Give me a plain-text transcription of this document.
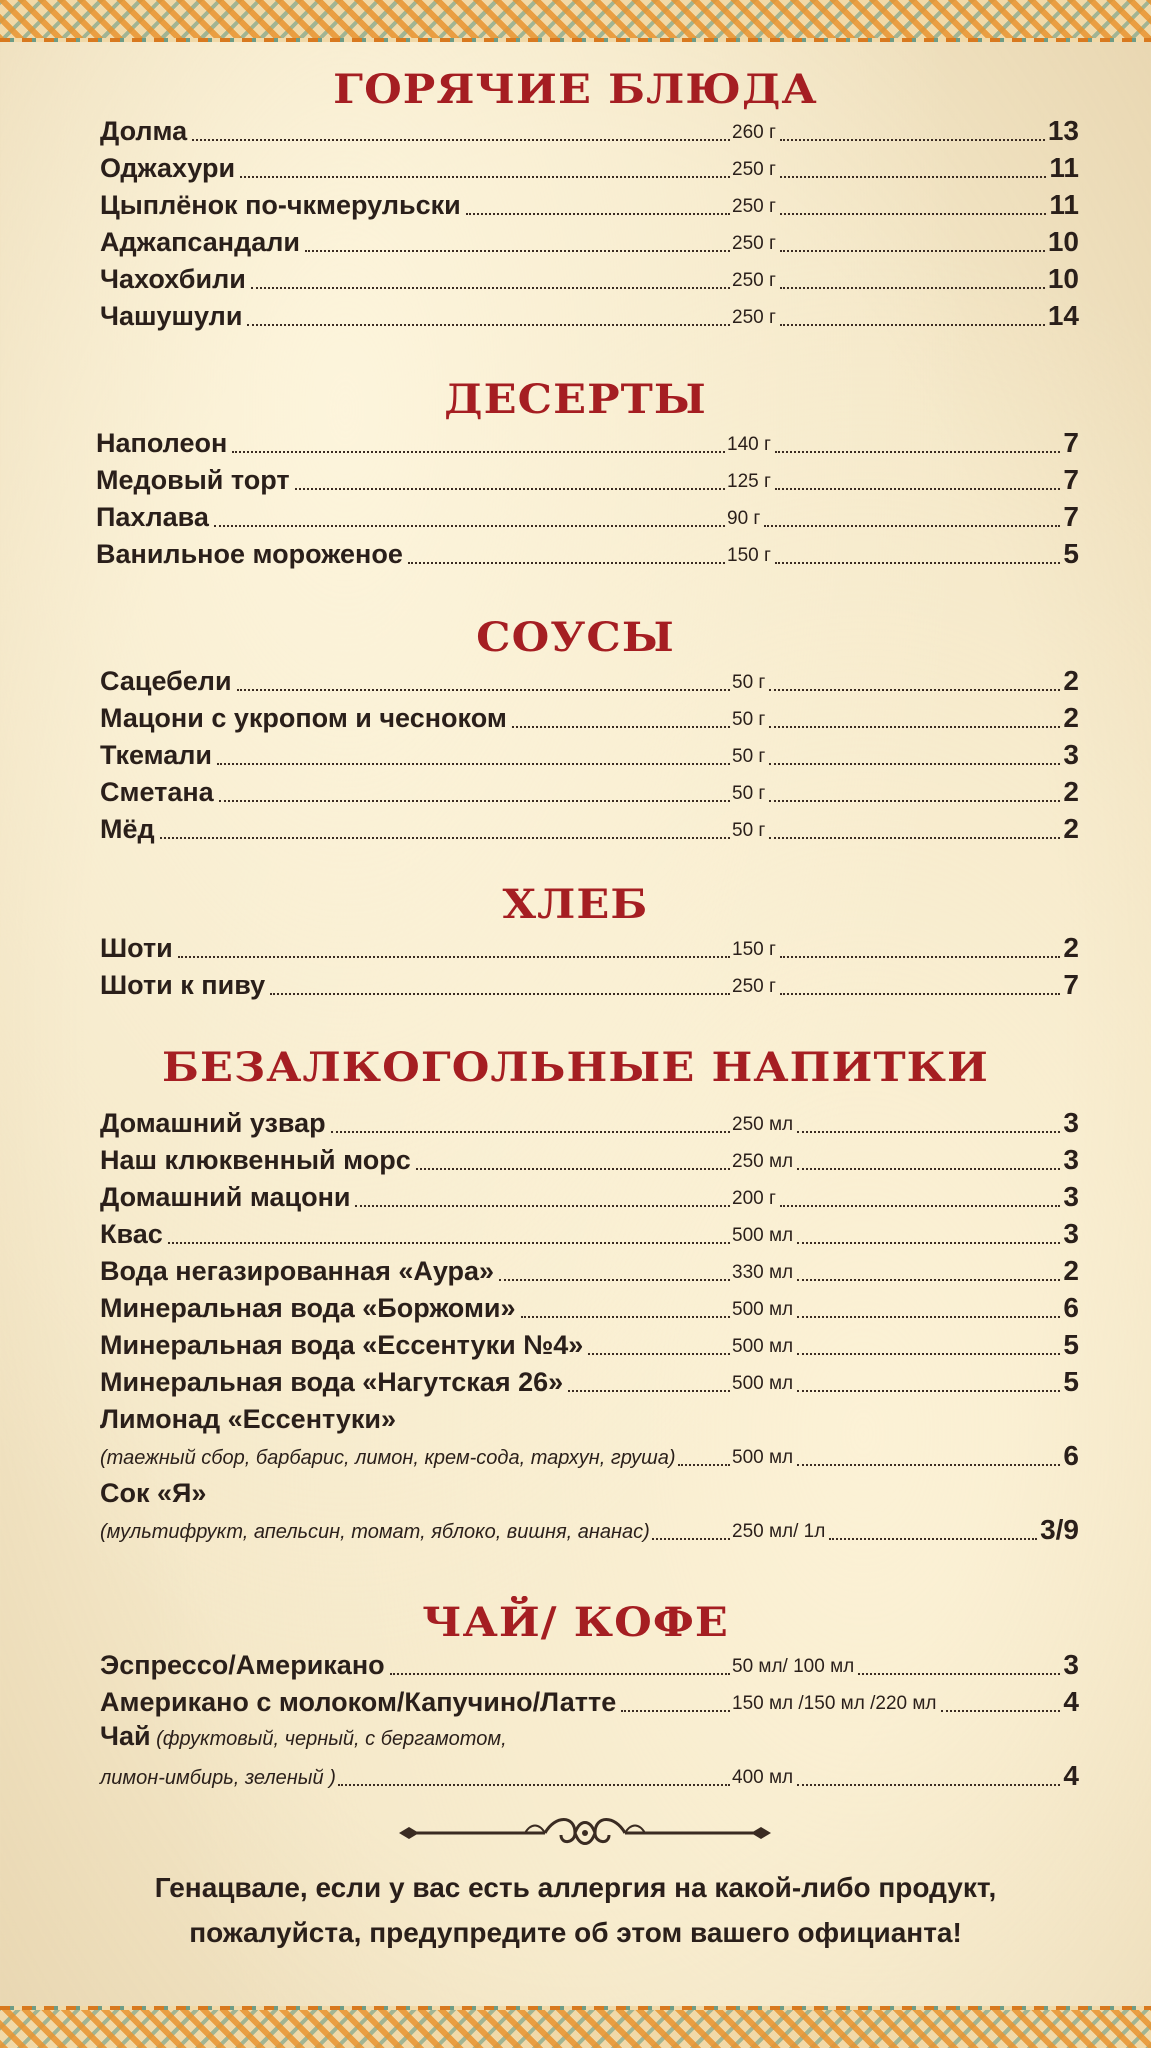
ГОРЯЧИЕ БЛЮДА
Долма	260 г	13
Оджахури	250 г	11
Цыплёнок по-чкмерульски	250 г	11
Аджапсандали	250 г	10
Чахохбили	250 г	10
Чашушули	250 г	14
ДЕСЕРТЫ
Наполеон	140 г	7
Медовый торт	125 г	7
Пахлава	90 г	7
Ванильное мороженое	150 г	5
СОУСЫ
Сацебели	50 г	2
Мацони с укропом и чесноком	50 г	2
Ткемали	50 г	3
Сметана	50 г	2
Мёд	50 г	2
ХЛЕБ
Шоти	150 г	2
Шоти к пиву	250 г	7
БЕЗАЛКОГОЛЬНЫЕ НАПИТКИ
Домашний узвар	250 мл	3
Наш клюквенный морс	250 мл	3
Домашний мацони	200 г	3
Квас	500 мл	3
Вода негазированная «Аура»	330 мл	2
Минеральная вода «Боржоми»	500 мл	6
Минеральная вода «Ессентуки №4»	500 мл	5
Минеральная вода «Нагутская 26»	500 мл	5
Лимонад «Ессентуки»
(таежный сбор, барбарис, лимон, крем-сода, тархун, груша)	500 мл	6
Сок «Я»
(мультифрукт, апельсин, томат, яблоко, вишня, ананас)	250 мл/ 1л	3/9
ЧАЙ/ КОФЕ
Эспрессо/Американо	50 мл/ 100 мл	3
Американо с молоком/Капучино/Латте	150 мл /150 мл /220 мл	4
Чай (фруктовый, черный, с бергамотом,
лимон-имбирь, зеленый )	400 мл	4
Генацвале, если у вас есть аллергия на какой-либо продукт,
пожалуйста, предупредите об этом вашего официанта!
